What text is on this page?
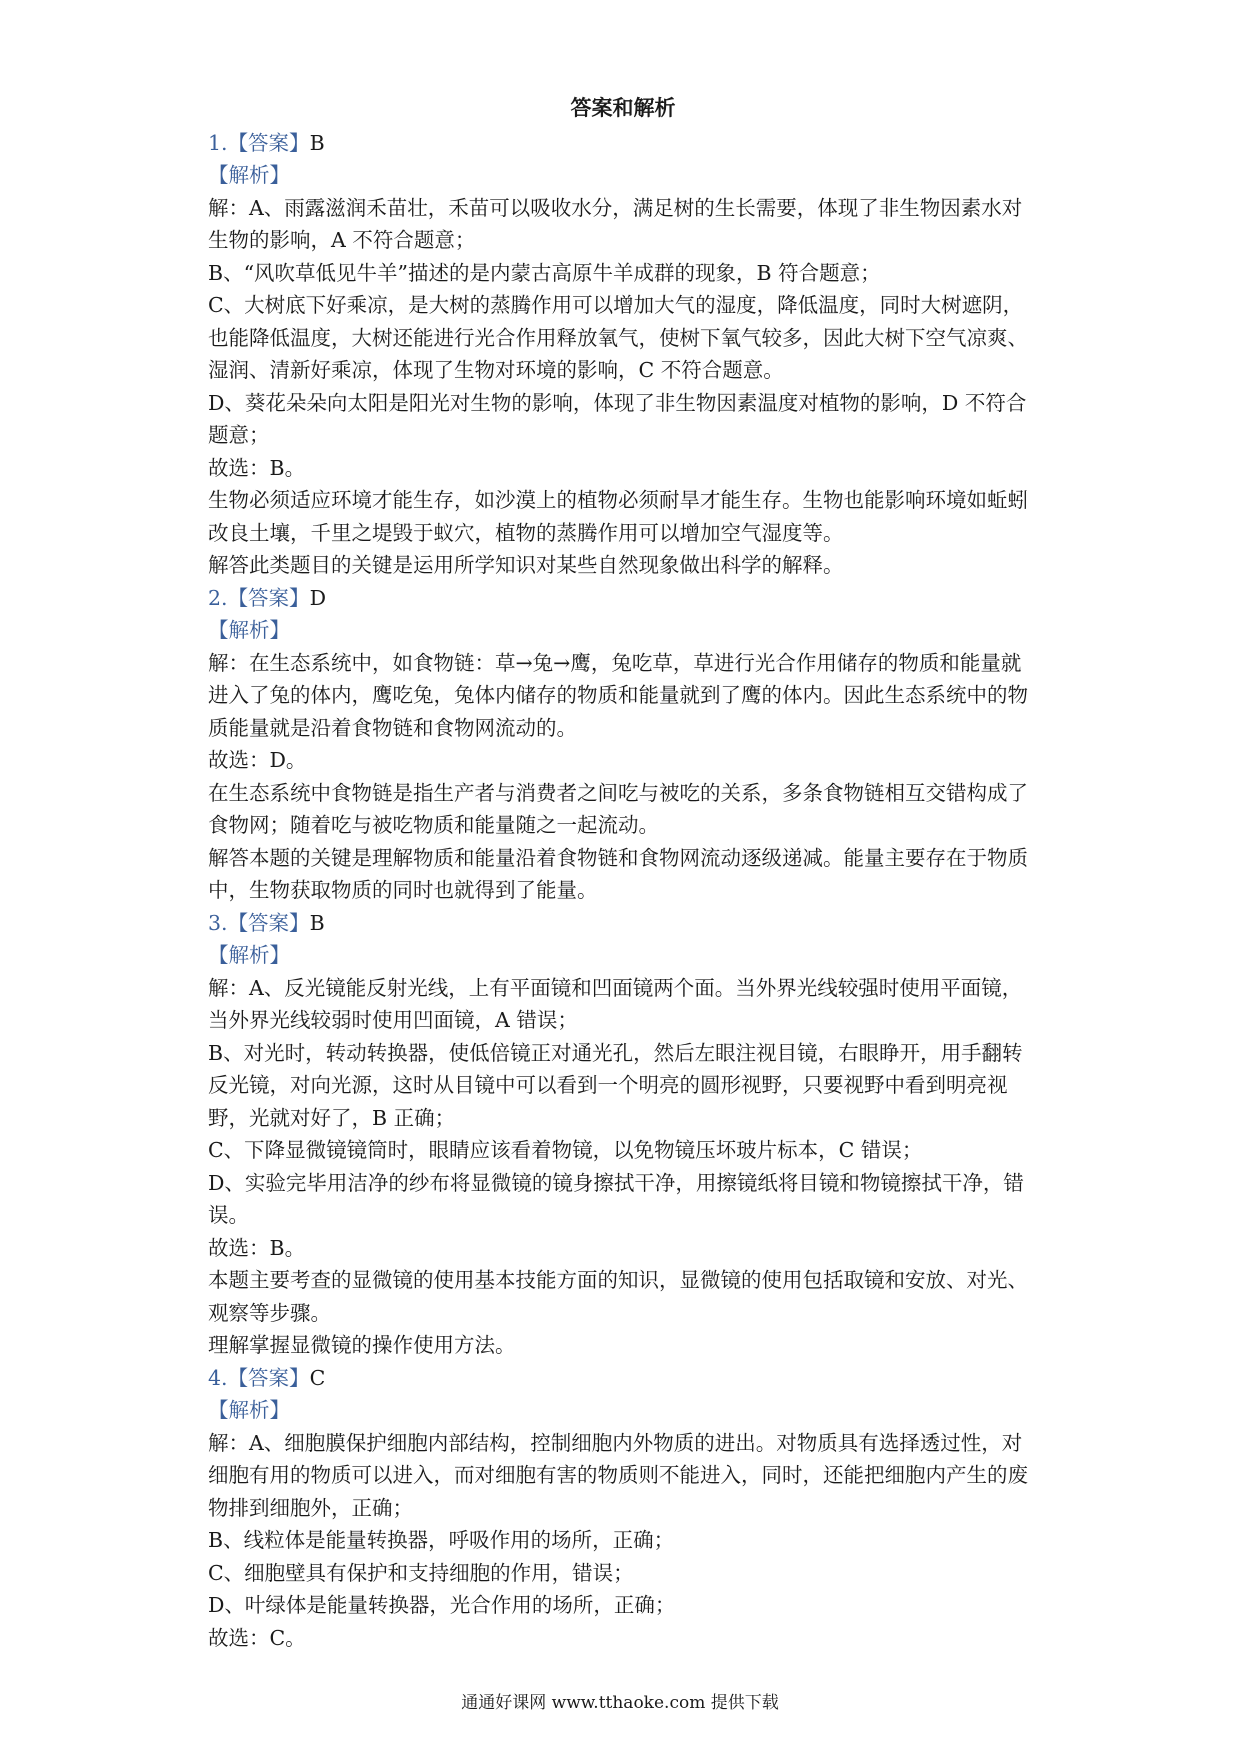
答案和解析
1.【答案】B
【解析】
解：A、雨露滋润禾苗壮，禾苗可以吸收水分，满足树的生长需要，体现了非生物因素水对生物的影响，A 不符合题意；
B、“风吹草低见牛羊”描述的是内蒙古高原牛羊成群的现象，B 符合题意；
C、大树底下好乘凉，是大树的蒸腾作用可以增加大气的湿度，降低温度，同时大树遮阴，也能降低温度，大树还能进行光合作用释放氧气，使树下氧气较多，因此大树下空气凉爽、湿润、清新好乘凉，体现了生物对环境的影响，C 不符合题意。
D、葵花朵朵向太阳是阳光对生物的影响，体现了非生物因素温度对植物的影响，D 不符合题意；
故选：B。
生物必须适应环境才能生存，如沙漠上的植物必须耐旱才能生存。生物也能影响环境如蚯蚓改良土壤，千里之堤毁于蚁穴，植物的蒸腾作用可以增加空气湿度等。
解答此类题目的关键是运用所学知识对某些自然现象做出科学的解释。
2.【答案】D
【解析】
解：在生态系统中，如食物链：草→兔→鹰，兔吃草，草进行光合作用储存的物质和能量就进入了兔的体内，鹰吃兔，兔体内储存的物质和能量就到了鹰的体内。因此生态系统中的物质能量就是沿着食物链和食物网流动的。
故选：D。
在生态系统中食物链是指生产者与消费者之间吃与被吃的关系，多条食物链相互交错构成了食物网；随着吃与被吃物质和能量随之一起流动。
解答本题的关键是理解物质和能量沿着食物链和食物网流动逐级递减。能量主要存在于物质中，生物获取物质的同时也就得到了能量。
3.【答案】B
【解析】
解：A、反光镜能反射光线，上有平面镜和凹面镜两个面。当外界光线较强时使用平面镜，当外界光线较弱时使用凹面镜，A 错误；
B、对光时，转动转换器，使低倍镜正对通光孔，然后左眼注视目镜，右眼睁开，用手翻转反光镜，对向光源，这时从目镜中可以看到一个明亮的圆形视野，只要视野中看到明亮视野，光就对好了，B 正确；
C、下降显微镜镜筒时，眼睛应该看着物镜，以免物镜压坏玻片标本，C 错误；
D、实验完毕用洁净的纱布将显微镜的镜身擦拭干净，用擦镜纸将目镜和物镜擦拭干净，错误。
故选：B。
本题主要考查的显微镜的使用基本技能方面的知识，显微镜的使用包括取镜和安放、对光、观察等步骤。
理解掌握显微镜的操作使用方法。
4.【答案】C
【解析】
解：A、细胞膜保护细胞内部结构，控制细胞内外物质的进出。对物质具有选择透过性，对细胞有用的物质可以进入，而对细胞有害的物质则不能进入，同时，还能把细胞内产生的废物排到细胞外，正确；
B、线粒体是能量转换器，呼吸作用的场所，正确；
C、细胞壁具有保护和支持细胞的作用，错误；
D、叶绿体是能量转换器，光合作用的场所，正确；
故选：C。
通通好课网 www.tthaoke.com 提供下载
